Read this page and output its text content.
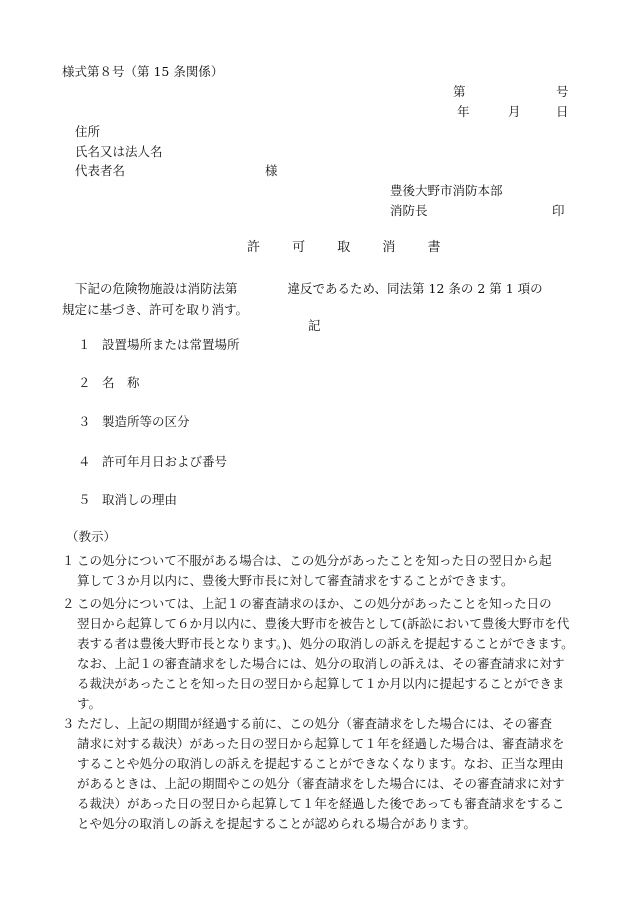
様式第８号（第 15 条関係）
第	号
年	月	日
住所
氏名又は法人名
代表者名	様
豊後大野市消防本部
消防長	印
許 可 取 消 書
下記の危険物施設は消防法第	違反であるため、同法第 12 条の 2 第 1 項の
規定に基づき、許可を取り消す。
記
１ 設置場所または常置場所
２ 名　称
３ 製造所等の区分
４ 許可年月日および番号
５ 取消しの理由
（教示）
１ この処分について不服がある場合は、この処分があったことを知った日の翌日から起
算して３か月以内に、豊後大野市長に対して審査請求をすることができます。
２ この処分については、上記１の審査請求のほか、この処分があったことを知った日の
翌日から起算して６か月以内に、豊後大野市を被告として(訴訟において豊後大野市を代
表する者は豊後大野市長となります。)、処分の取消しの訴えを提起することができます。
なお、上記１の審査請求をした場合には、処分の取消しの訴えは、その審査請求に対す
る裁決があったことを知った日の翌日から起算して１か月以内に提起することができま
す。
３ ただし、上記の期間が経過する前に、この処分（審査請求をした場合には、その審査
請求に対する裁決）があった日の翌日から起算して１年を経過した場合は、審査請求を
することや処分の取消しの訴えを提起することができなくなります。なお、正当な理由
があるときは、上記の期間やこの処分（審査請求をした場合には、その審査請求に対す
る裁決）があった日の翌日から起算して１年を経過した後であっても審査請求をするこ
とや処分の取消しの訴えを提起することが認められる場合があります。
